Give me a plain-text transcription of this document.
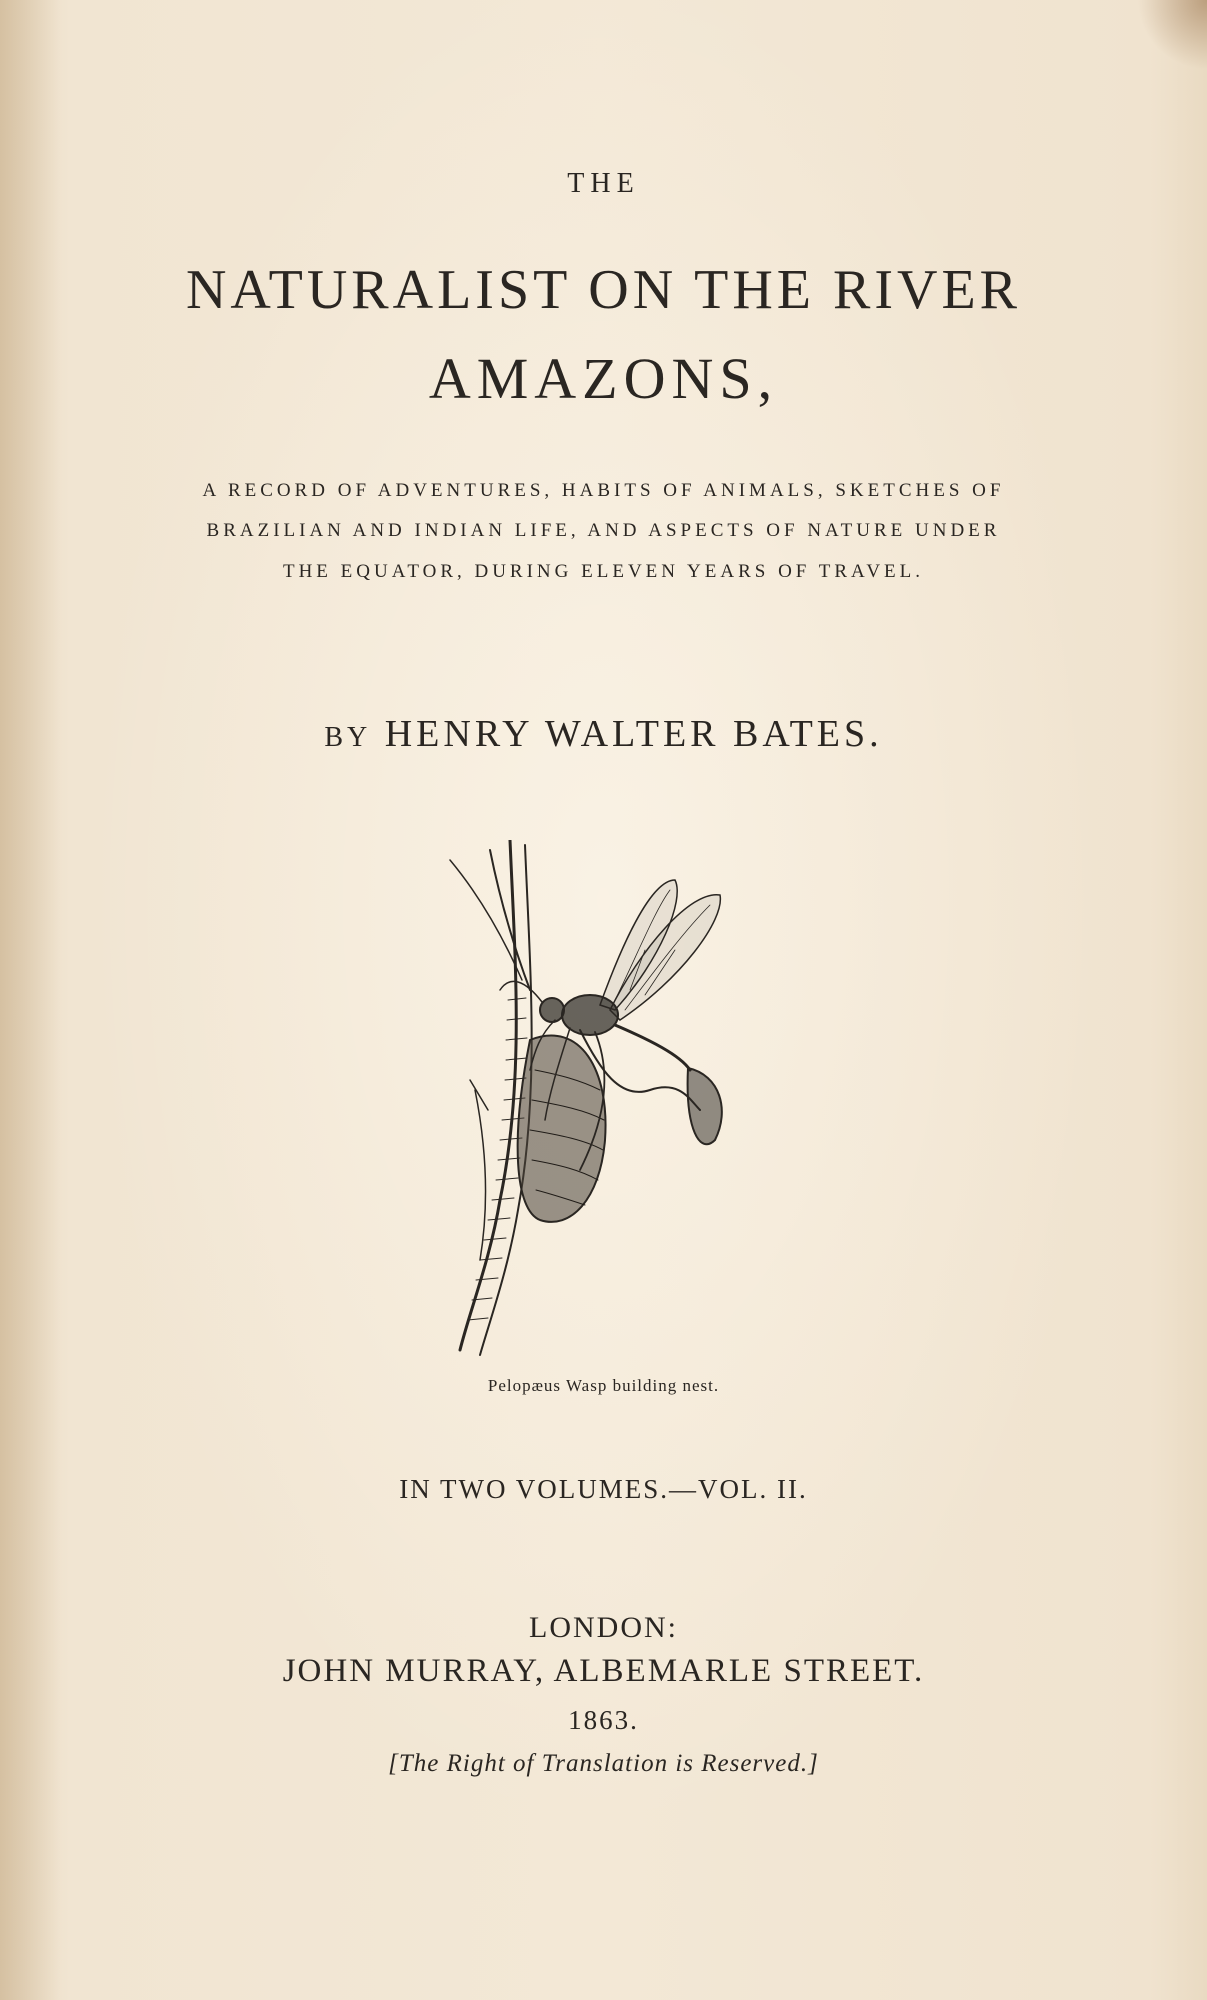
THE
NATURALIST ON THE RIVER
AMAZONS,
A RECORD OF ADVENTURES, HABITS OF ANIMALS, SKETCHES OF
BRAZILIAN AND INDIAN LIFE, AND ASPECTS OF NATURE UNDER
THE EQUATOR, DURING ELEVEN YEARS OF TRAVEL.
BY HENRY WALTER BATES.
Pelopæus Wasp building nest.
IN TWO VOLUMES.—VOL. II.
LONDON:
JOHN MURRAY, ALBEMARLE STREET.
1863.
[The Right of Translation is Reserved.]
